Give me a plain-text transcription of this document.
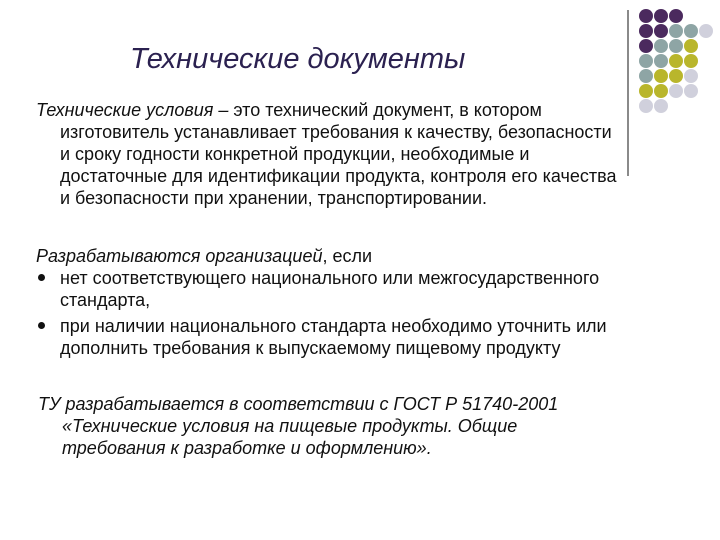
Технические документы
Технические условия – это технический документ, в котором
изготовитель устанавливает требования к качеству, безопасности
и сроку годности конкретной продукции, необходимые и
достаточные для идентификации продукта, контроля его качества
и безопасности при хранении, транспортировании.
Разрабатываются организацией, если
нет соответствующего национального или межгосударственного
стандарта,
при наличии национального стандарта необходимо уточнить или
дополнить требования к выпускаемому пищевому продукту
ТУ разрабатывается в соответствии с ГОСТ Р 51740-2001
«Технические условия на пищевые продукты. Общие
требования к разработке и оформлению».
